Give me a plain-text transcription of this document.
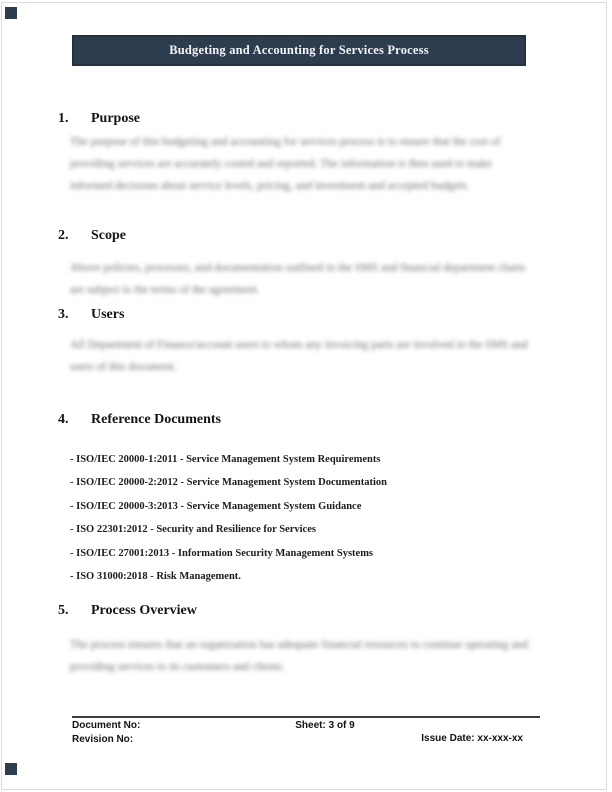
Budgeting and Accounting for Services Process
1.	Purpose
The purpose of this budgeting and accounting for services process is to ensure that the cost of
providing services are accurately costed and reported. The information is then used to make
informed decisions about service levels, pricing, and investment and accepted budgets.
2.	Scope
Above policies, processes, and documentation outlined in the SMS and financial department charts
are subject to the terms of the agreement.
3.	Users
All Department of Finance/account users to whom any invoicing parts are involved in the SMS and
users of this document.
4.	Reference Documents
- ISO/IEC 20000-1:2011 - Service Management System Requirements
- ISO/IEC 20000-2:2012 - Service Management System Documentation
- ISO/IEC 20000-3:2013 - Service Management System Guidance
- ISO 22301:2012 - Security and Resilience for Services
- ISO/IEC 27001:2013 - Information Security Management Systems
- ISO 31000:2018 - Risk Management.
5.	Process Overview
The process ensures that an organization has adequate financial resources to continue operating and
providing services to its customers and clients.
Document No:	Sheet: 3 of 9
Revision No:	Issue Date: xx-xxx-xx
